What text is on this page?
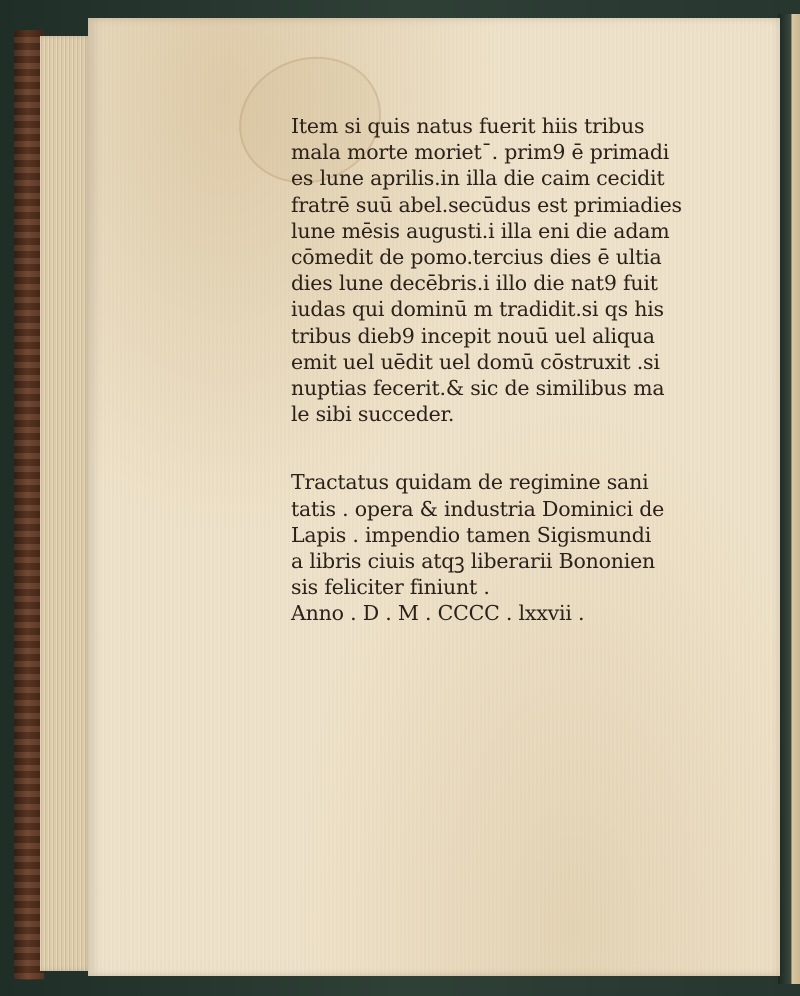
Item si quis natus fuerit hiis tribus
mala morte morietˉ. prim9 ē primadi
es lune aprilis.in illa die caim cecidit
fratrē suū abel.secūdus est primiadies
lune mēsis augusti.i illa eni die adam
cōmedit de pomo.tercius dies ē ultia
dies lune decēbris.i illo die nat9 fuit
iudas qui dominū m tradidit.si qs his
tribus dieb9 incepit nouū uel aliqua
emit uel uēdit uel domū cōstruxit .si
nuptias fecerit.& sic de similibus ma
le sibi succeder.
Tractatus quidam de regimine sani
tatis . opera & industria Dominici de
Lapis . impendio tamen Sigismundi
a libris ciuis atqꝫ liberarii Bononien
sis feliciter finiunt .
Anno . D . M . CCCC . lxxvii .
